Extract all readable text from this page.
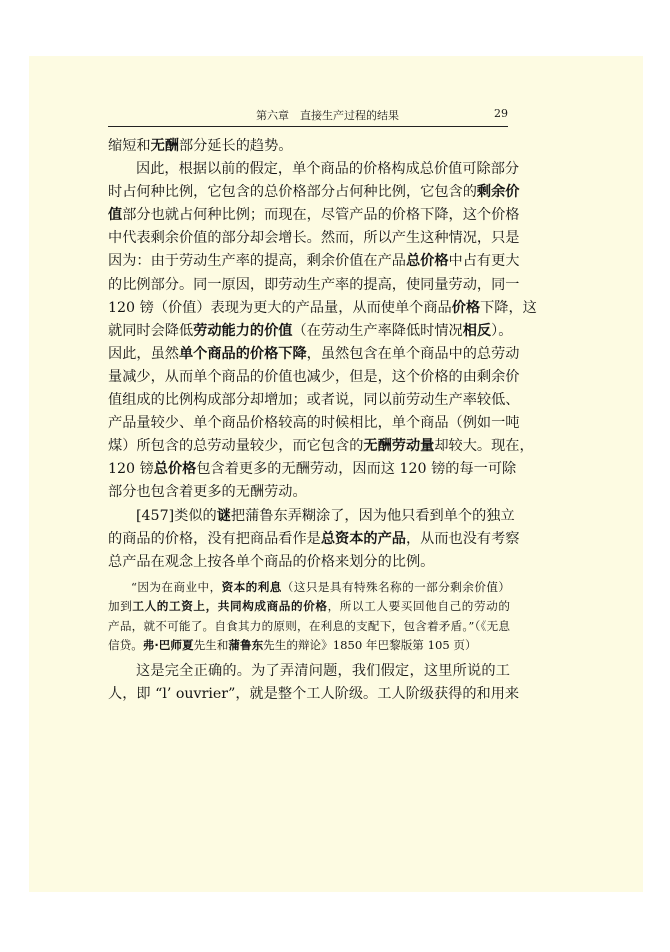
第六章　直接生产过程的结果	29
缩短和无酬部分延长的趋势。
因此，根据以前的假定，单个商品的价格构成总价值可除部分
时占何种比例，它包含的总价格部分占何种比例，它包含的剩余价
值部分也就占何种比例；而现在，尽管产品的价格下降，这个价格
中代表剩余价值的部分却会增长。然而，所以产生这种情况，只是
因为：由于劳动生产率的提高，剩余价值在产品总价格中占有更大
的比例部分。同一原因，即劳动生产率的提高，使同量劳动，同一
120 镑（价值）表现为更大的产品量，从而使单个商品价格下降，这
就同时会降低劳动能力的价值（在劳动生产率降低时情况相反）。
因此，虽然单个商品的价格下降，虽然包含在单个商品中的总劳动
量减少，从而单个商品的价值也减少，但是，这个价格的由剩余价
值组成的比例构成部分却增加；或者说，同以前劳动生产率较低、
产品量较少、单个商品价格较高的时候相比，单个商品（例如一吨
煤）所包含的总劳动量较少，而它包含的无酬劳动量却较大。现在，
120 镑总价格包含着更多的无酬劳动，因而这 120 镑的每一可除
部分也包含着更多的无酬劳动。
[457]类似的谜把蒲鲁东弄糊涂了，因为他只看到单个的独立
的商品的价格，没有把商品看作是总资本的产品，从而也没有考察
总产品在观念上按各单个商品的价格来划分的比例。
“因为在商业中，资本的利息（这只是具有特殊名称的一部分剩余价值）
加到工人的工资上，共同构成商品的价格，所以工人要买回他自己的劳动的
产品，就不可能了。自食其力的原则，在利息的支配下，包含着矛盾。”（《无息
信贷。弗·巴师夏先生和蒲鲁东先生的辩论》1850 年巴黎版第 105 页）
这是完全正确的。为了弄清问题，我们假定，这里所说的工
人，即 “l’ ouvrier”，就是整个工人阶级。工人阶级获得的和用来
